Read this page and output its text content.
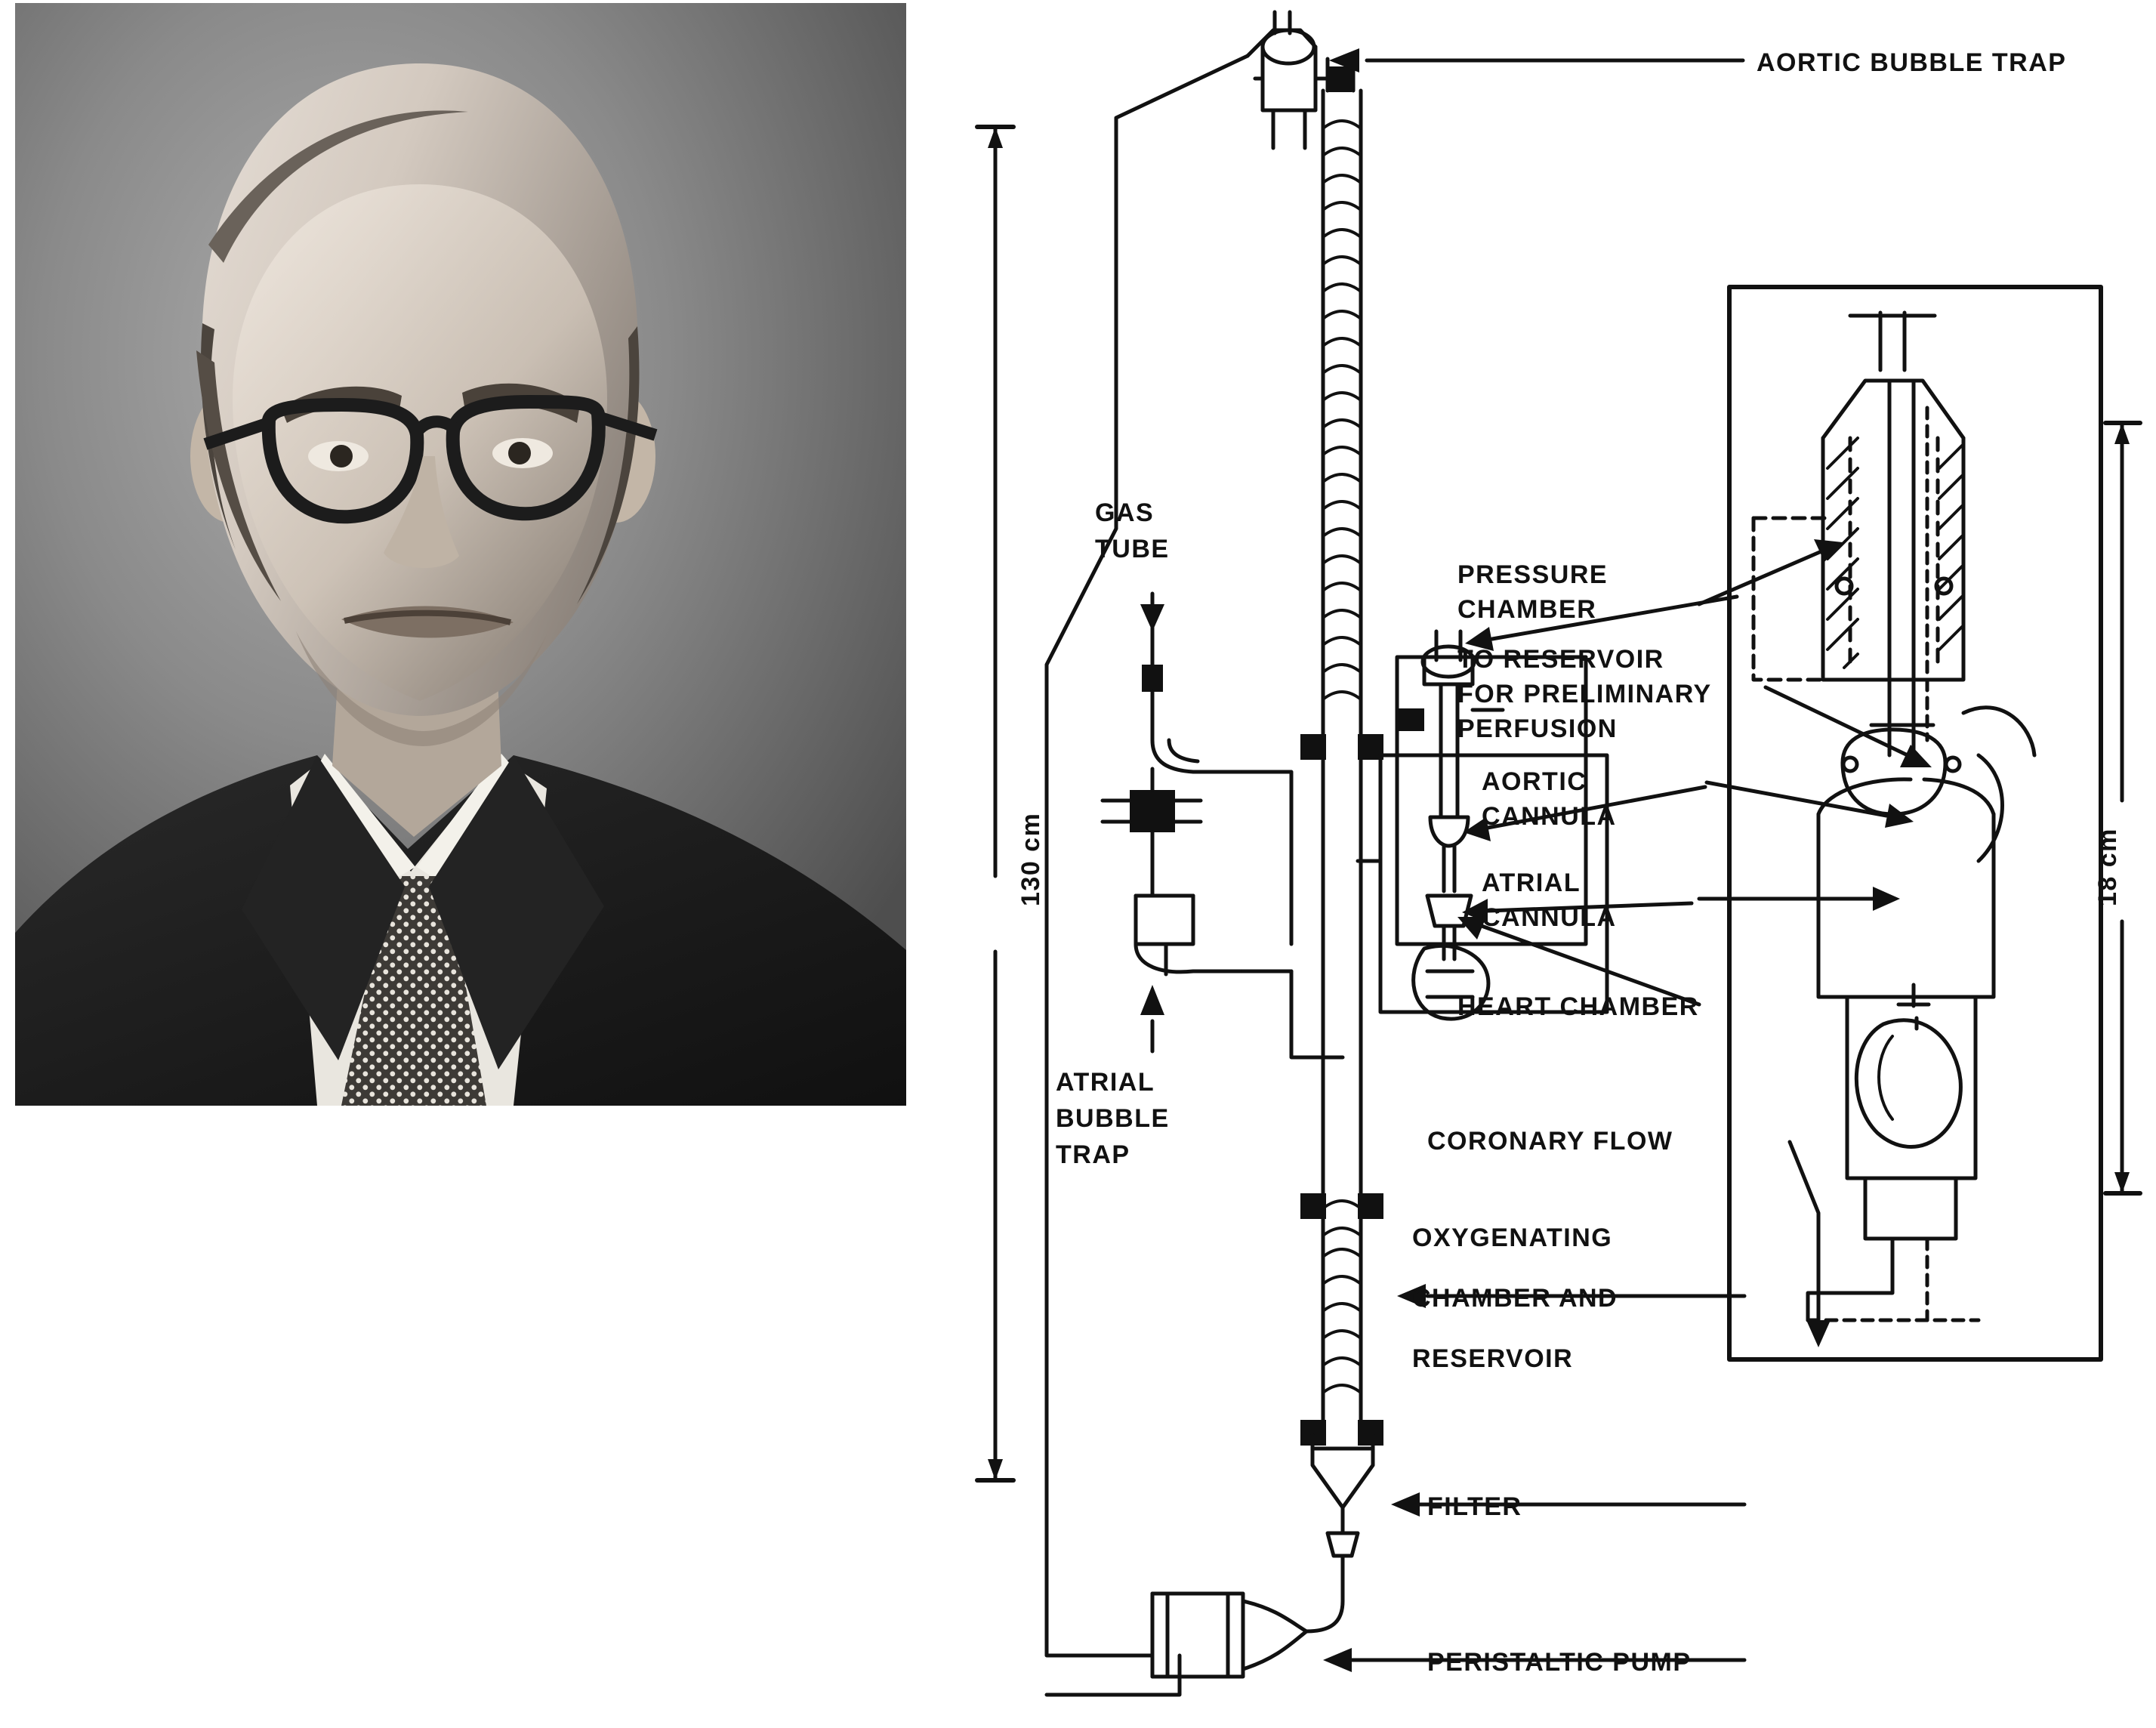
AORTIC BUBBLE TRAP
GAS
TUBE
PRESSURE
CHAMBER
TO RESERVOIR
FOR PRELIMINARY
PERFUSION
AORTIC
CANNULA
ATRIAL
CANNULA
HEART CHAMBER
ATRIAL
BUBBLE
TRAP	CORONARY FLOW
OXYGENATING
CHAMBER AND
RESERVOIR
FILTER
PERISTALTIC PUMP
130 cm	18 cm
